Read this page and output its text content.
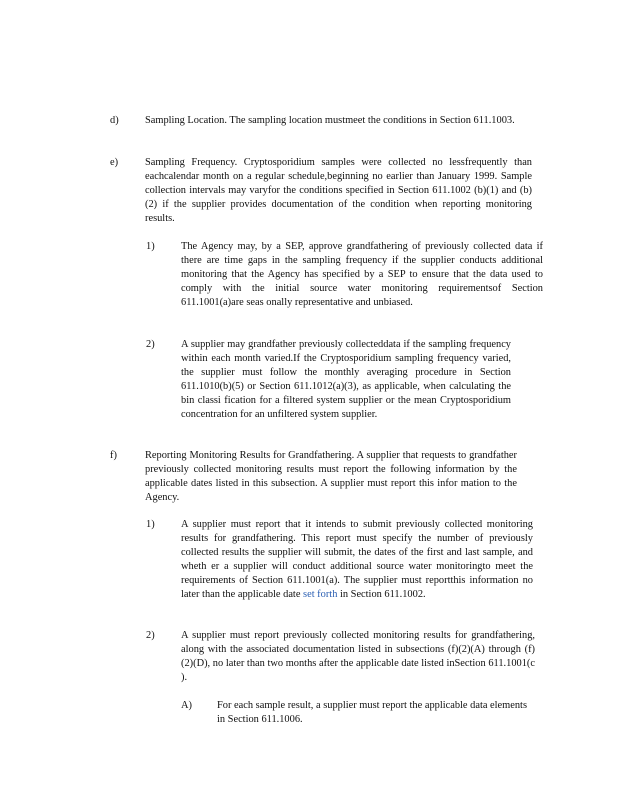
d)	Sampling Location. The sampling location mustmeet the conditions in Section 611.1003.
e)	Sampling Frequency. Cryptosporidium samples were collected no lessfrequently than eachcalendar month on a regular schedule,beginning no earlier than January 1999. Sample collection intervals may varyfor the conditions specified in Section 611.1002 (b)(1) and (b)(2) if the supplier provides documentation of the condition when reporting monitoring results.
1)	The Agency may, by a SEP, approve grandfathering of previously collected data if there are time gaps in the sampling frequency if the supplier conducts additional monitoring that the Agency has specified by a SEP to ensure that the data used to comply with the initial source water monitoring requirementsof Section 611.1001(a)are seas onally representative and unbiased.
2)	A supplier may grandfather previously collecteddata if the sampling frequency within each month varied.If the Cryptosporidium sampling frequency varied, the supplier must follow the monthly averaging procedure in Section 611.1010(b)(5) or Section 611.1012(a)(3), as applicable, when calculating the bin classi fication for a filtered system supplier or the mean Cryptosporidium concentration for an unfiltered system supplier.
f)	Reporting Monitoring Results for Grandfathering. A supplier that requests to grandfather previously collected monitoring results must report the following information by the applicable dates listed in this subsection. A supplier must report this infor mation to the Agency.
1)	A supplier must report that it intends to submit previously collected monitoring results for grandfathering. This report must specify the number of previously collected results the supplier will submit, the dates of the first and last sample, and wheth er a supplier will conduct additional source water monitoringto meet the requirements of Section 611.1001(a). The supplier must reportthis information no later than the applicable date set forth in Section 611.1002.
2)	A supplier must report previously collected monitoring results for grandfathering, along with the associated documentation listed in subsections (f)(2)(A) through (f)(2)(D), no later than two months after the applicable date listed inSection 611.1001(c ).
A) For each sample result, a supplier must report the applicable data elements in Section 611.1006.
